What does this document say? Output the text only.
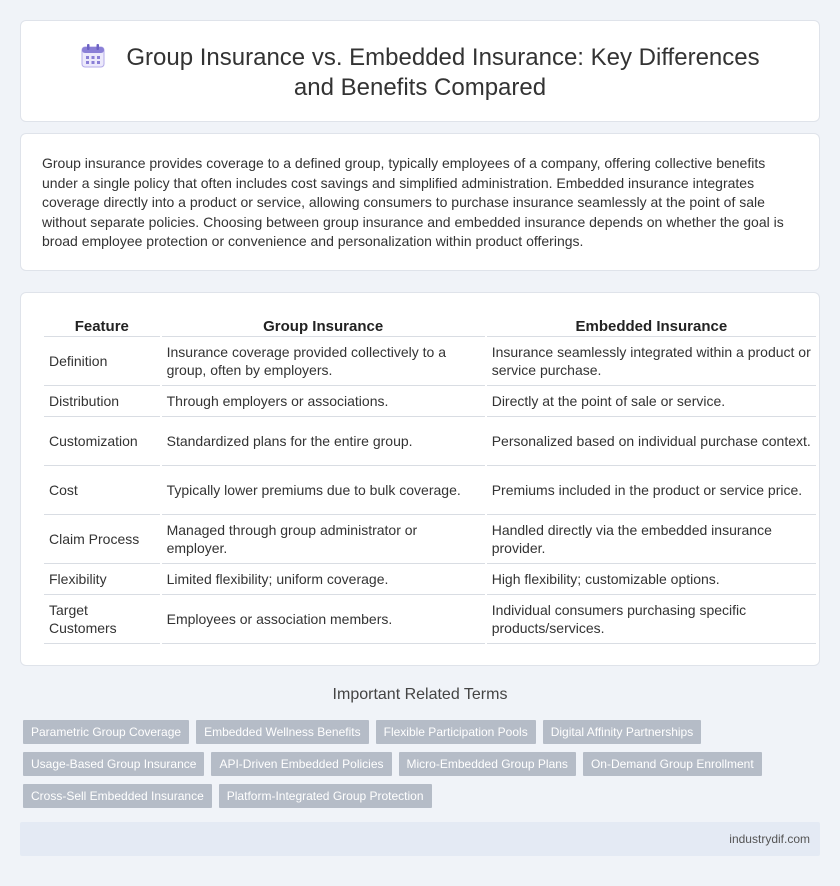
Group Insurance vs. Embedded Insurance: Key Differences and Benefits Compared

Group insurance provides coverage to a defined group, typically employees of a company, offering collective benefits under a single policy that often includes cost savings and simplified administration. Embedded insurance integrates coverage directly into a product or service, allowing consumers to purchase insurance seamlessly at the point of sale without separate policies. Choosing between group insurance and embedded insurance depends on whether the goal is broad employee protection or convenience and personalization within product offerings.

Feature	Group Insurance	Embedded Insurance
Definition	Insurance coverage provided collectively to a group, often by employers.	Insurance seamlessly integrated within a product or service purchase.
Distribution	Through employers or associations.	Directly at the point of sale or service.
Customization	Standardized plans for the entire group.	Personalized based on individual purchase context.
Cost	Typically lower premiums due to bulk coverage.	Premiums included in the product or service price.
Claim Process	Managed through group administrator or employer.	Handled directly via the embedded insurance provider.
Flexibility	Limited flexibility; uniform coverage.	High flexibility; customizable options.
Target Customers	Employees or association members.	Individual consumers purchasing specific products/services.
Important Related Terms
Parametric Group Coverage	Embedded Wellness Benefits	Flexible Participation Pools	Digital Affinity Partnerships
Usage-Based Group Insurance	API-Driven Embedded Policies	Micro-Embedded Group Plans	On-Demand Group Enrollment
Cross-Sell Embedded Insurance	Platform-Integrated Group Protection
industrydif.com
